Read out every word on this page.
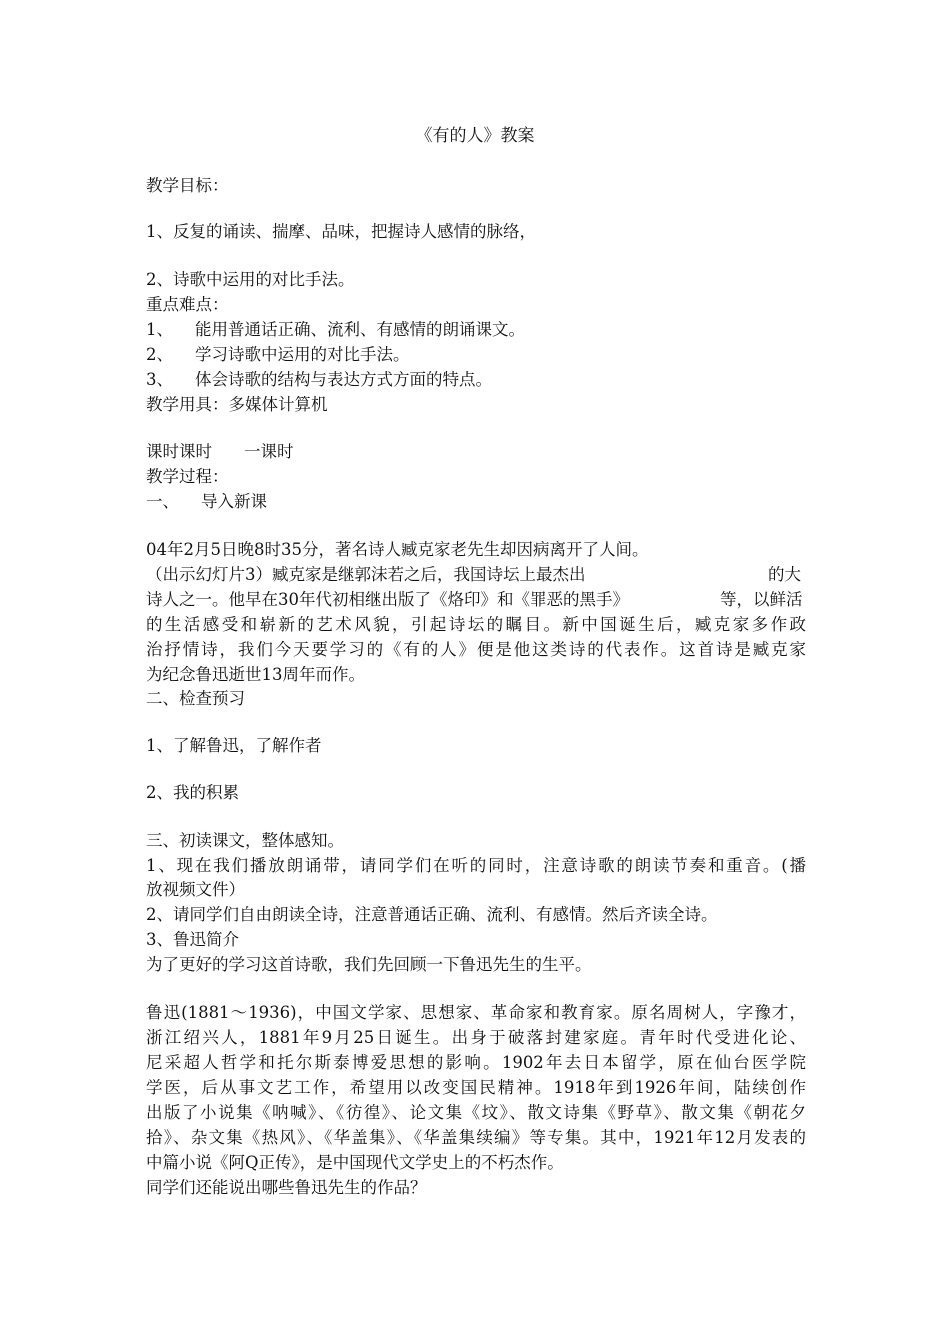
《有的人》教案
教学目标：
1、反复的诵读、揣摩、品味，把握诗人感情的脉络，
2、诗歌中运用的对比手法。
重点难点：
1、 能用普通话正确、流利、有感情的朗诵课文。
2、 学习诗歌中运用的对比手法。
3、 体会诗歌的结构与表达方式方面的特点。
教学用具：多媒体计算机
课时课时 一课时
教学过程：
一、 导入新课
04年2月5日晚8时35分，著名诗人臧克家老先生却因病离开了人间。
（出示幻灯片3）臧克家是继郭沫若之后，我国诗坛上最杰出	的大
诗人之一。他早在30年代初相继出版了《烙印》和《罪恶的黑手》	等，以鲜活
的生活感受和崭新的艺术风貌，引起诗坛的瞩目。新中国诞生后，臧克家多作政
治抒情诗，我们今天要学习的《有的人》便是他这类诗的代表作。这首诗是臧克家
为纪念鲁迅逝世13周年而作。
二、检查预习
1、了解鲁迅，了解作者
2、我的积累
三、初读课文，整体感知。
1、现在我们播放朗诵带，请同学们在听的同时，注意诗歌的朗读节奏和重音。(播
放视频文件）
2、请同学们自由朗读全诗，注意普通话正确、流利、有感情。然后齐读全诗。
3、鲁迅简介
为了更好的学习这首诗歌，我们先回顾一下鲁迅先生的生平。
鲁迅(1881～1936)，中国文学家、思想家、革命家和教育家。原名周树人，字豫才，
浙江绍兴人，1881年9月25日诞生。出身于破落封建家庭。青年时代受进化论、
尼采超人哲学和托尔斯泰博爱思想的影响。1902年去日本留学，原在仙台医学院
学医，后从事文艺工作，希望用以改变国民精神。1918年到1926年间，陆续创作
出版了小说集《呐喊》、《彷徨》、论文集《坟》、散文诗集《野草》、散文集《朝花夕
拾》、杂文集《热风》、《华盖集》、《华盖集续编》等专集。其中，1921年12月发表的
中篇小说《阿Q正传》，是中国现代文学史上的不朽杰作。
同学们还能说出哪些鲁迅先生的作品？
